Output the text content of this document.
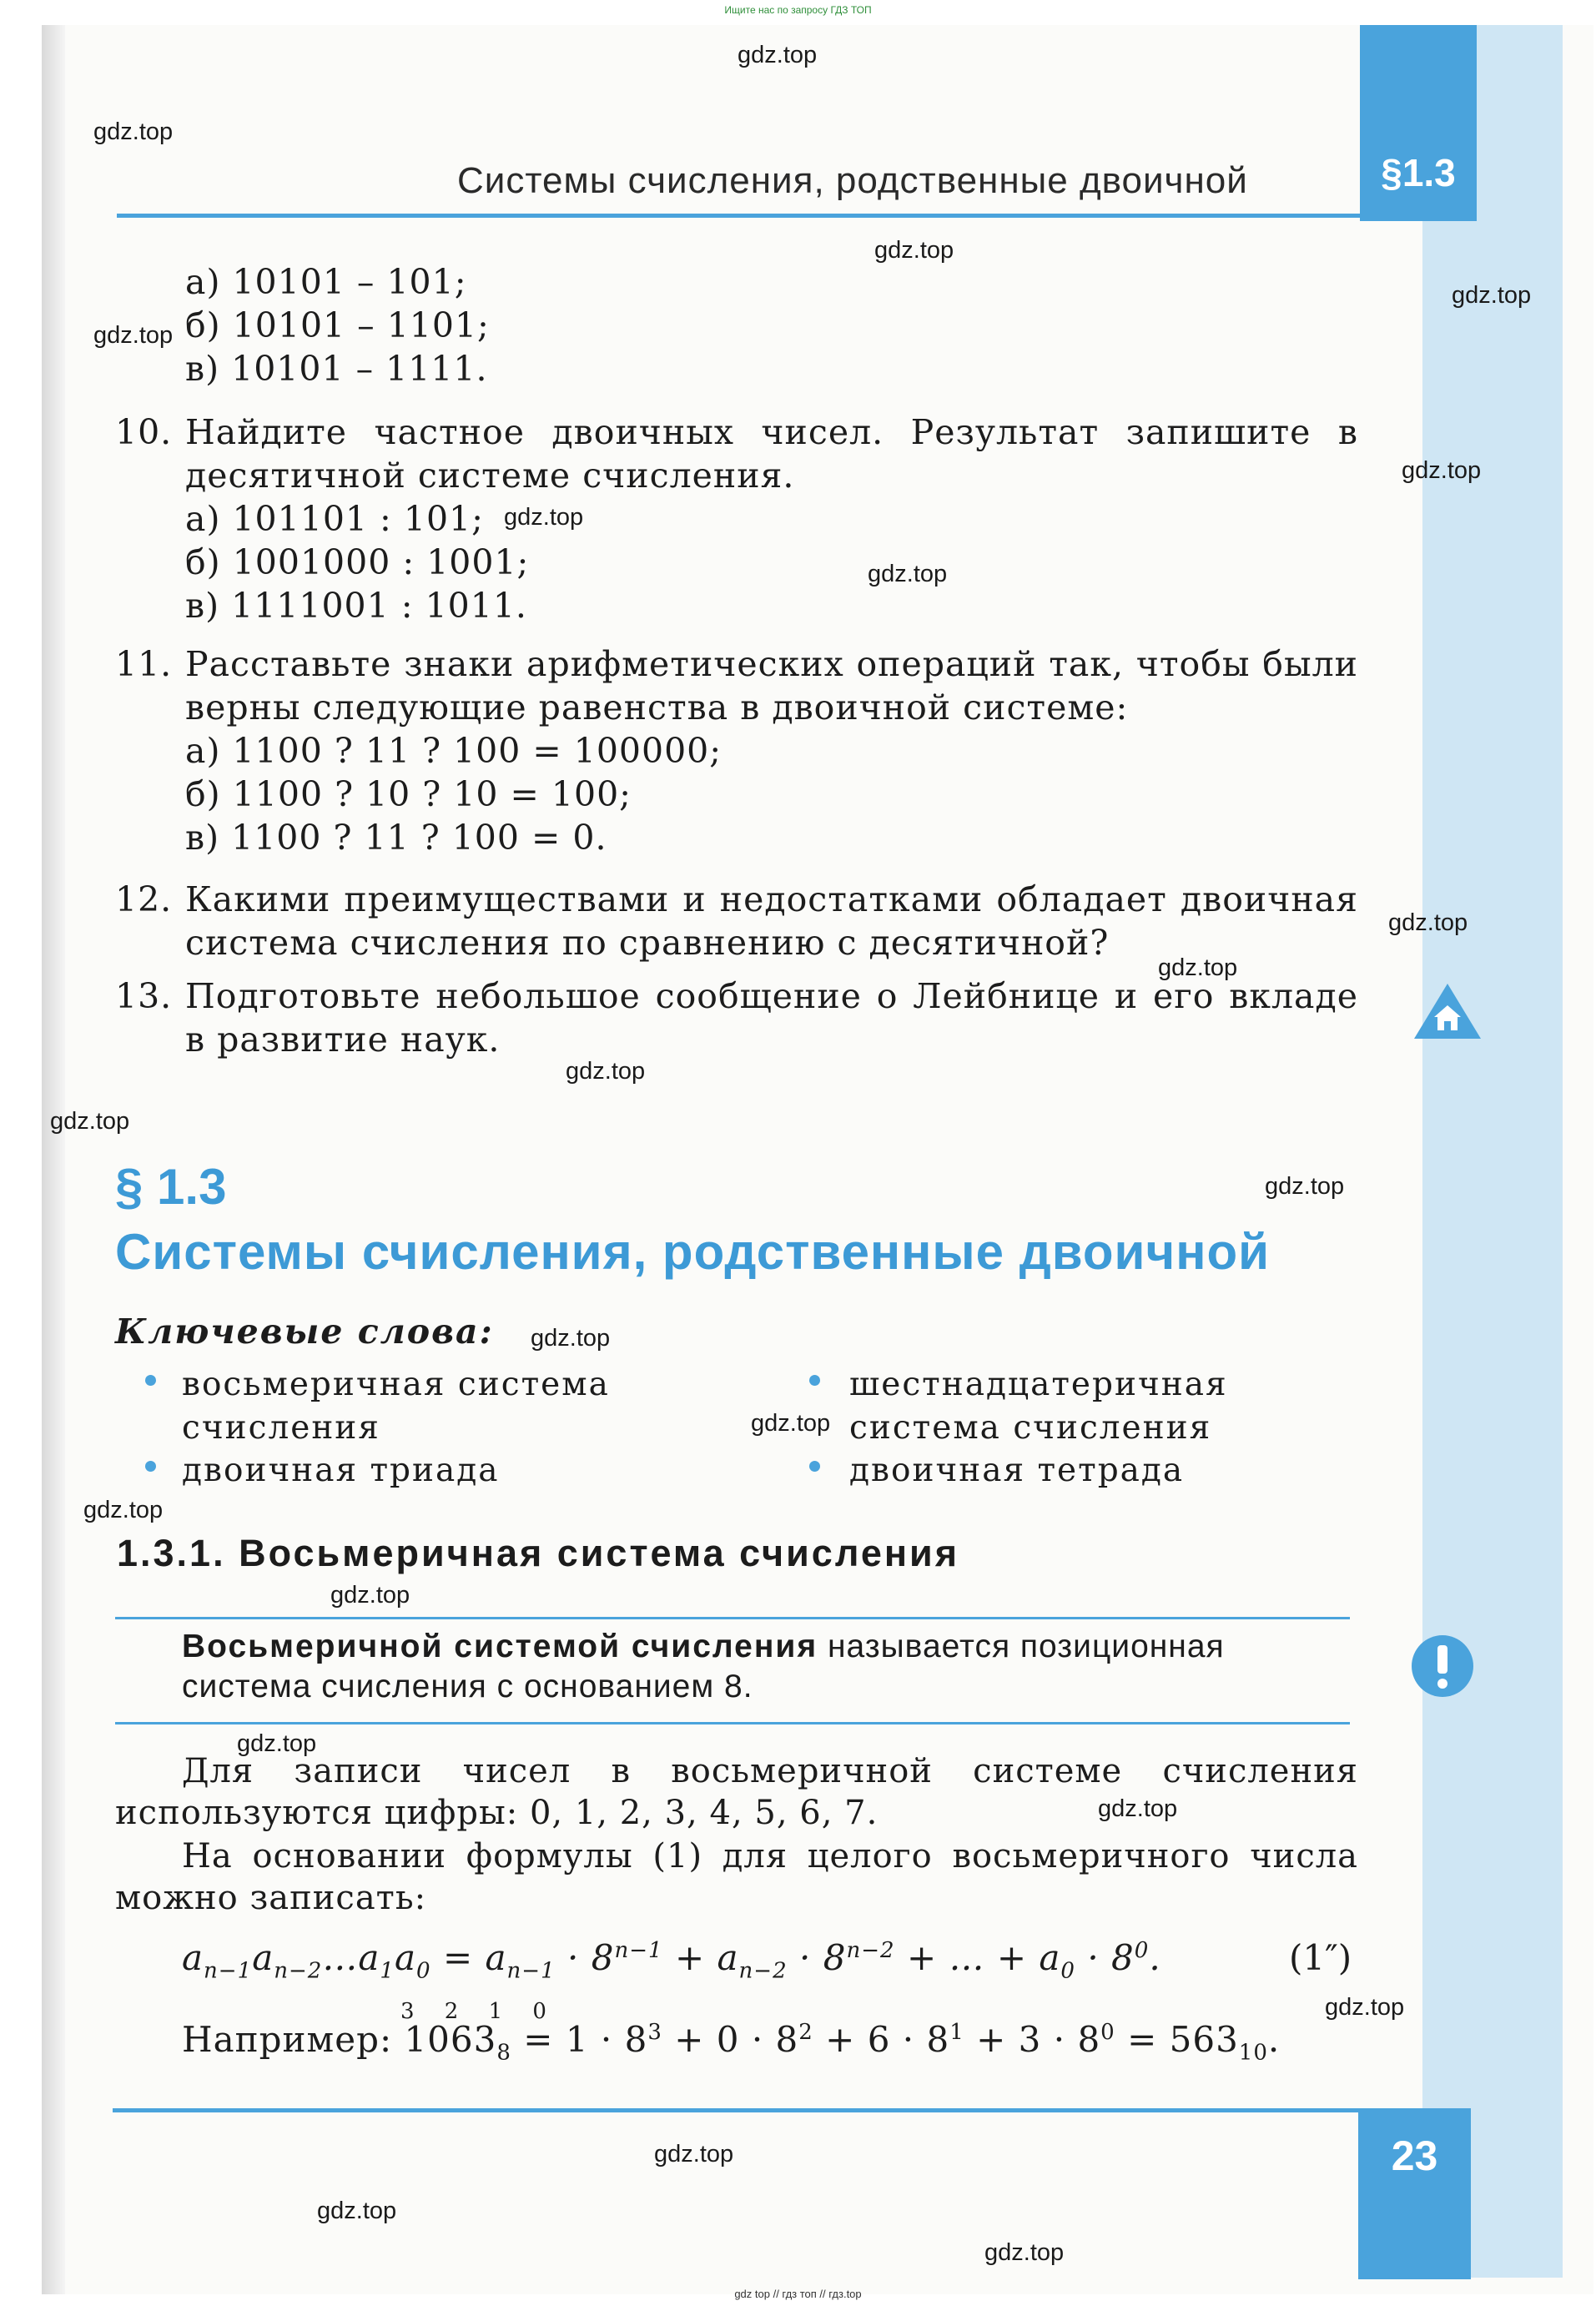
Ищите нас по запросу ГДЗ ТОП
§1.3
Системы счисления, родственные двоичной
а) 10101 – 101;
б) 10101 – 1101;
в) 10101 – 1111.
10. Найдите частное двоичных чисел. Результат запишите в
десятичной системе счисления.
а) 101101 : 101;
б) 1001000 : 1001;
в) 1111001 : 1011.
11. Расставьте знаки арифметических операций так, чтобы были
верны следующие равенства в двоичной системе:
а) 1100 ? 11 ? 100 = 100000;
б) 1100 ? 10 ? 10 = 100;
в) 1100 ? 11 ? 100 = 0.
12. Какими преимуществами и недостатками обладает двоичная
система счисления по сравнению с десятичной?
13. Подготовьте небольшое сообщение о Лейбнице и его вкладе
в развитие наук.
§ 1.3
Системы счисления, родственные двоичной
Ключевые слова:
восьмеричная система
счисления
двоичная триада
шестнадцатеричная
система счисления
двоичная тетрада
1.3.1. Восьмеричная система счисления
Восьмеричной системой счисления называется позиционная система счисления с основанием 8.
Для записи чисел в восьмеричной системе счисления используются цифры: 0, 1, 2, 3, 4, 5, 6, 7.
На основании формулы (1) для целого восьмеричного числа можно записать:
$a_{n-1}a_{n-2}\dots a_1a_0 = a_{n-1} \cdot 8^{n-1} + a_{n-2} \cdot 8^{n-2}$ + … + $a_0 \cdot 8^0$.	(1″)
3 2 1 0
Например: $1063_8 = 1 \cdot 8^3 + 0 \cdot 8^2 + 6 \cdot 8^1 + 3 \cdot 8^0 = 563_{10}$.
23
gdz.top
gdz.top
gdz.top
gdz.top
gdz.top
gdz.top
gdz.top
gdz.top
gdz.top
gdz.top
gdz.top
gdz.top
gdz.top
gdz.top
gdz.top
gdz.top
gdz.top
gdz.top
gdz.top
gdz.top
gdz.top
gdz.top
gdz.top
gdz top // гдз топ // гдз.top
